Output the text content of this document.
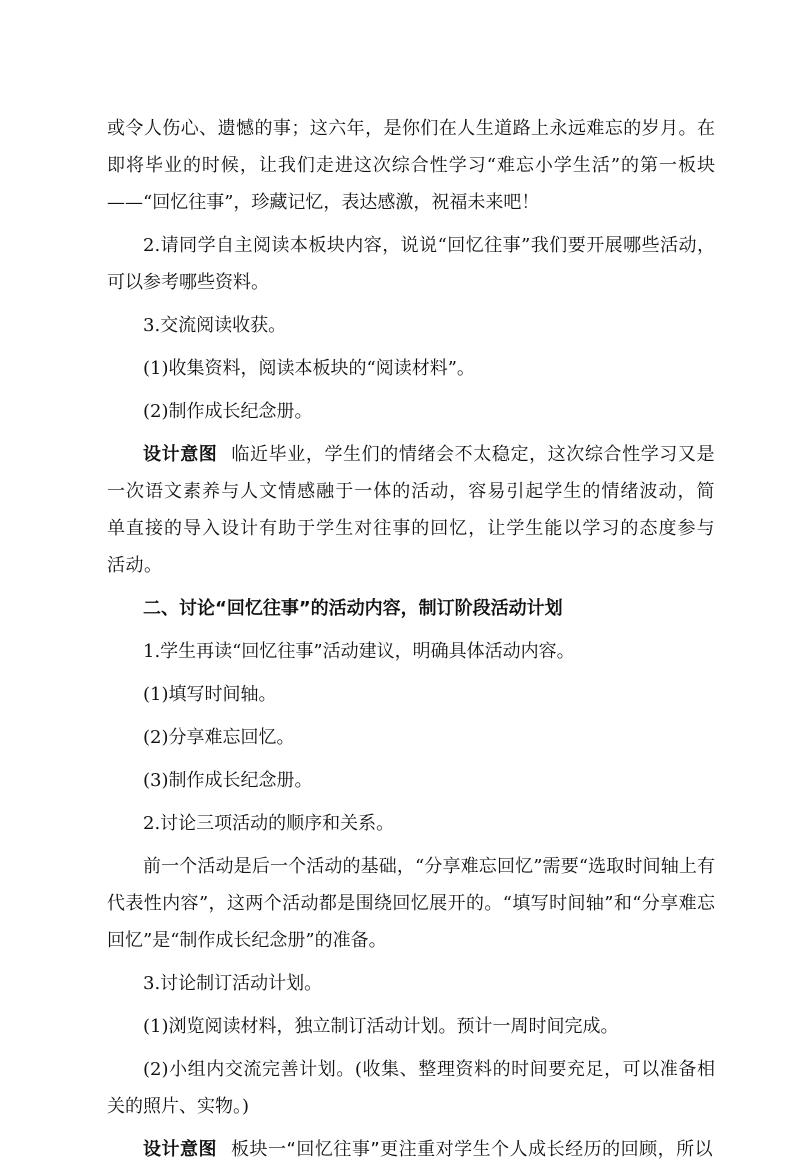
或令人伤心、遗憾的事；这六年，是你们在人生道路上永远难忘的岁月。在即将毕业的时候，让我们走进这次综合性学习“难忘小学生活”的第一板块——“回忆往事”，珍藏记忆，表达感激，祝福未来吧！

2.请同学自主阅读本板块内容，说说“回忆往事”我们要开展哪些活动，可以参考哪些资料。

3.交流阅读收获。

(1)收集资料，阅读本板块的“阅读材料”。

(2)制作成长纪念册。

设计意图 临近毕业，学生们的情绪会不太稳定，这次综合性学习又是一次语文素养与人文情感融于一体的活动，容易引起学生的情绪波动，简单直接的导入设计有助于学生对往事的回忆，让学生能以学习的态度参与活动。

二、讨论“回忆往事”的活动内容，制订阶段活动计划

1.学生再读“回忆往事”活动建议，明确具体活动内容。

(1)填写时间轴。

(2)分享难忘回忆。

(3)制作成长纪念册。

2.讨论三项活动的顺序和关系。

前一个活动是后一个活动的基础，“分享难忘回忆”需要“选取时间轴上有代表性内容”，这两个活动都是围绕回忆展开的。“填写时间轴”和“分享难忘回忆”是“制作成长纪念册”的准备。

3.讨论制订活动计划。

(1)浏览阅读材料，独立制订活动计划。预计一周时间完成。

(2)小组内交流完善计划。(收集、整理资料的时间要充足，可以准备相关的照片、实物。)

设计意图 板块一“回忆往事”更注重对学生个人成长经历的回顾，所以
